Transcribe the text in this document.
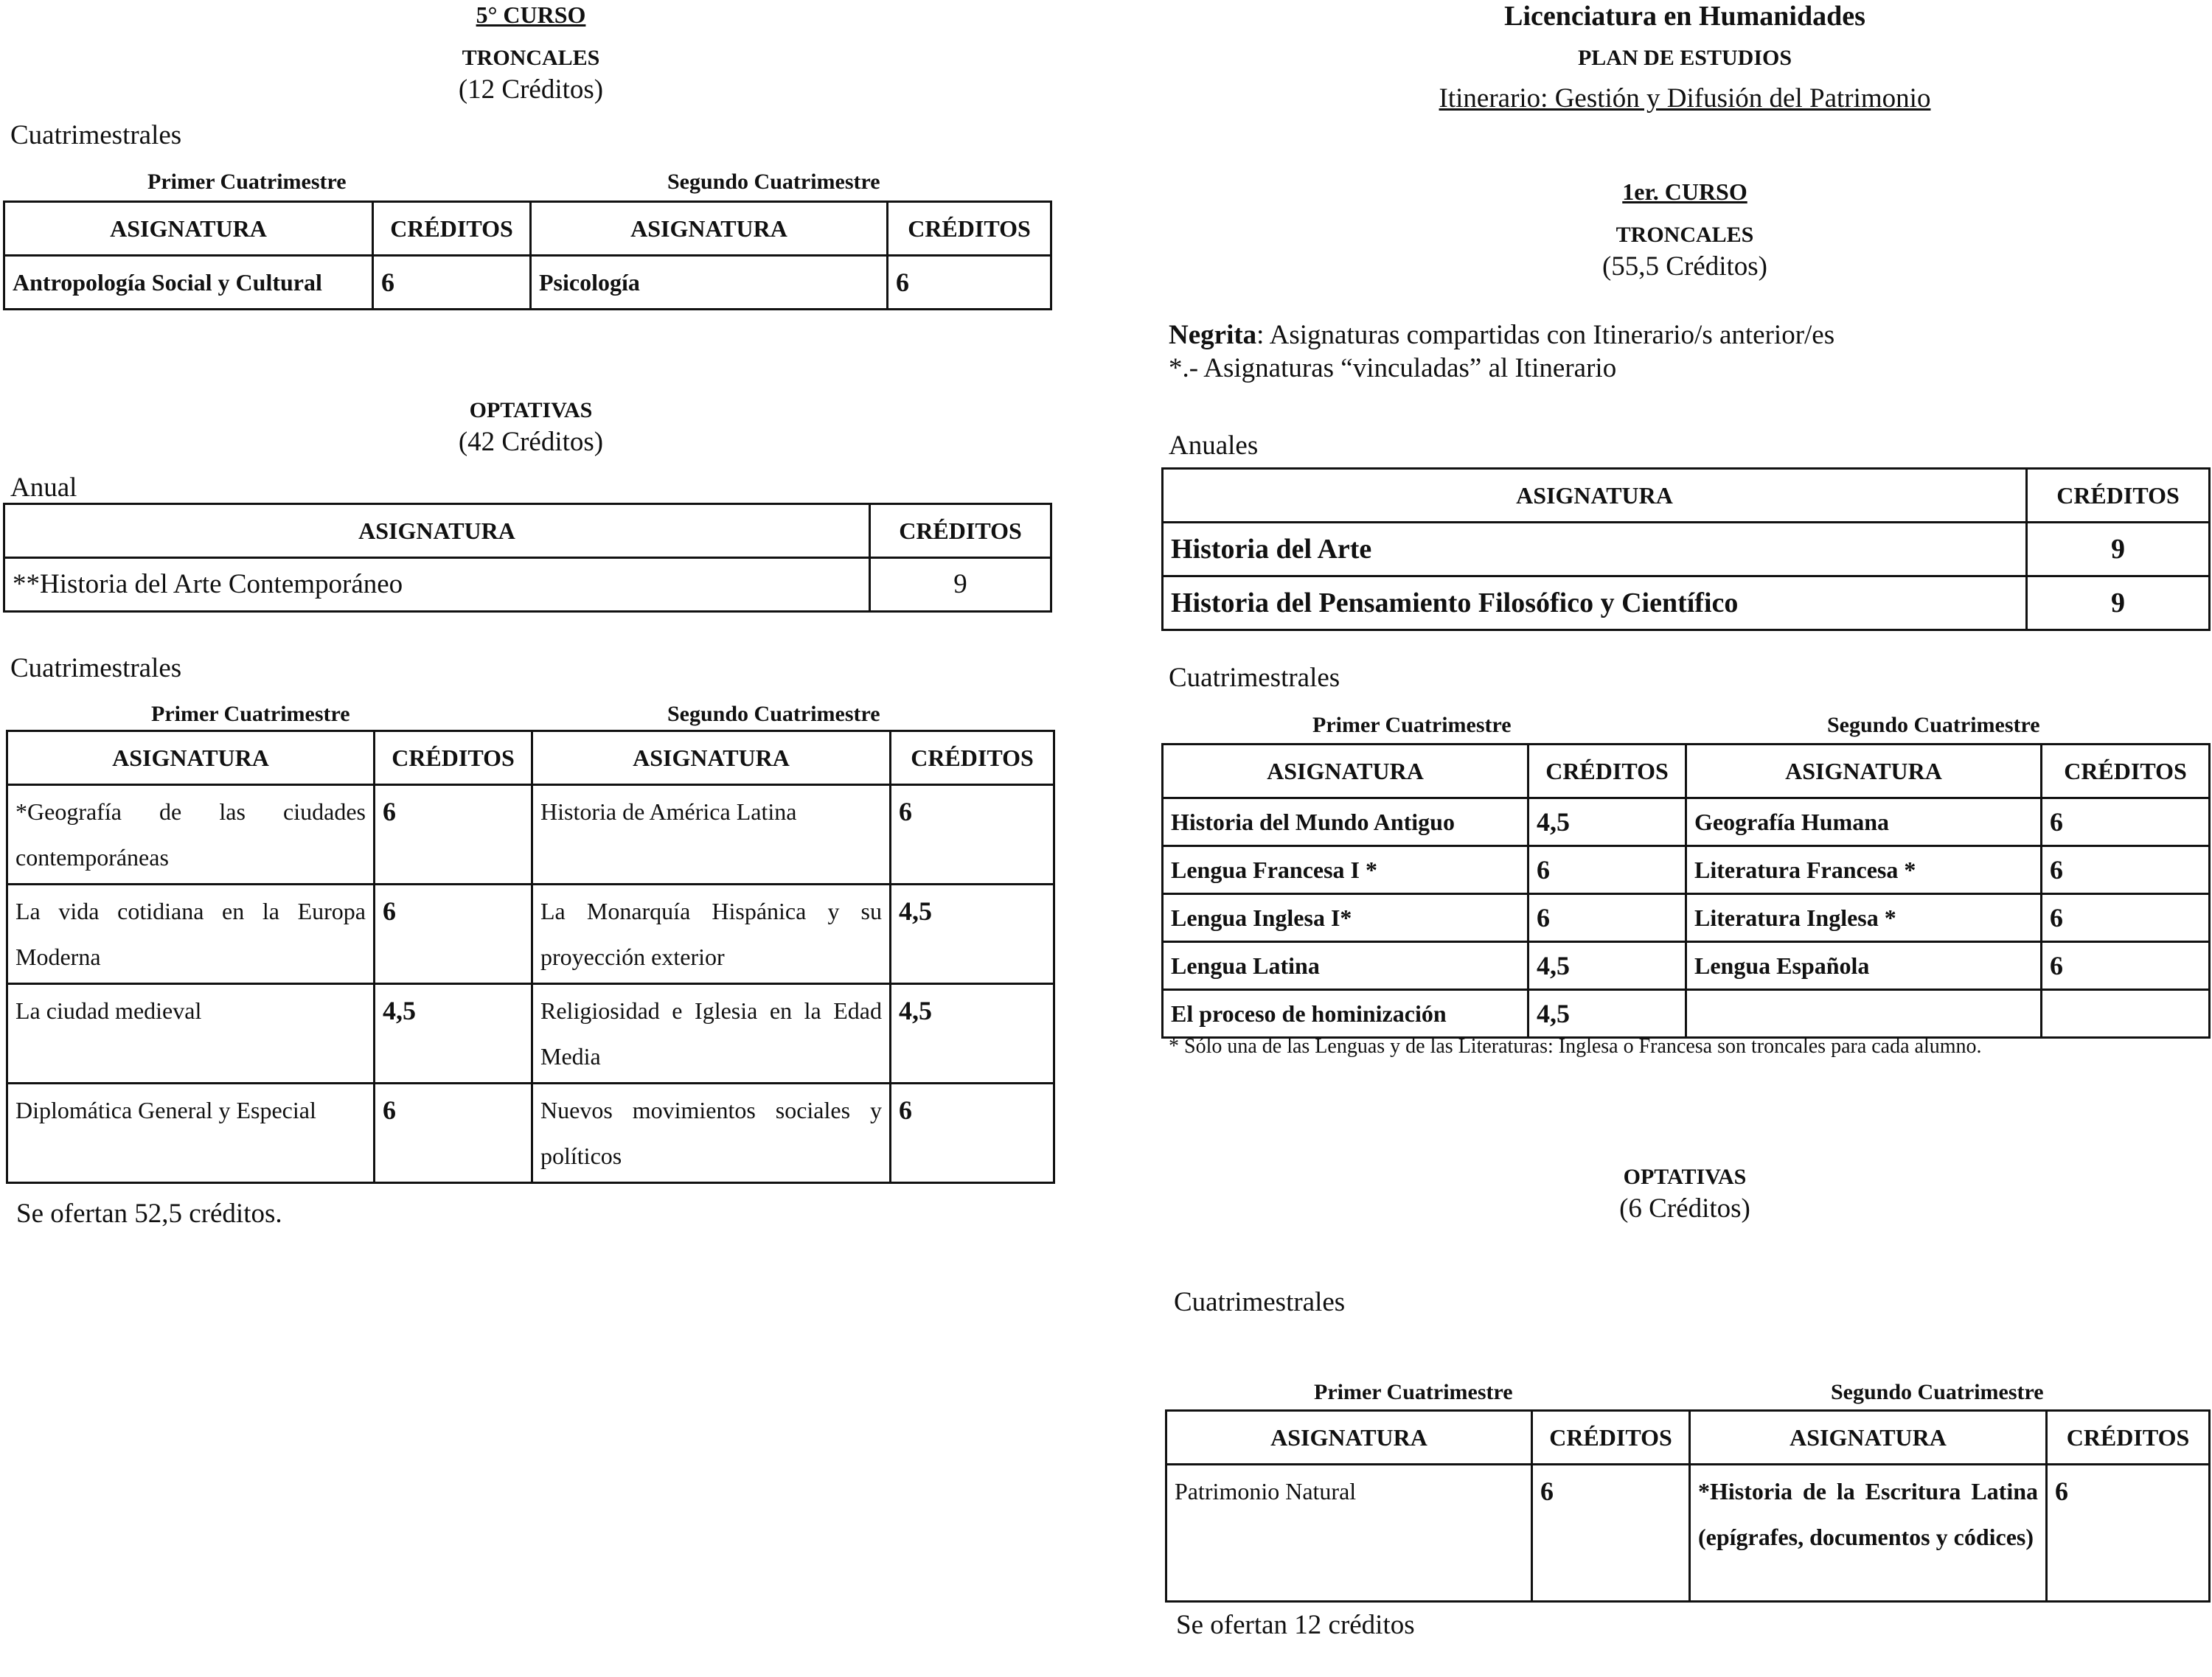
5° CURSO
TRONCALES
(12 Créditos)
Cuatrimestrales
Primer Cuatrimestre	Segundo Cuatrimestre
ASIGNATURA	CRÉDITOS	ASIGNATURA	CRÉDITOS
Antropología Social y Cultural	6	Psicología	6
OPTATIVAS
(42 Créditos)
Anual
ASIGNATURA	CRÉDITOS
**Historia del Arte Contemporáneo	9
Cuatrimestrales
Primer Cuatrimestre	Segundo Cuatrimestre
ASIGNATURA	CRÉDITOS	ASIGNATURA	CRÉDITOS
*Geografía de las ciudades contemporáneas	6	Historia de América Latina	6
La vida cotidiana en la Europa Moderna	6	La Monarquía Hispánica y su proyección exterior	4,5
La ciudad medieval	4,5	Religiosidad e Iglesia en la Edad Media	4,5
Diplomática General y Especial	6	Nuevos movimientos sociales y políticos	6
Se ofertan 52,5 créditos.
Licenciatura en Humanidades
PLAN DE ESTUDIOS
Itinerario: Gestión y Difusión del Patrimonio
1er. CURSO
TRONCALES
(55,5 Créditos)
Negrita: Asignaturas compartidas con Itinerario/s anterior/es
*.- Asignaturas “vinculadas” al Itinerario
Anuales
ASIGNATURA	CRÉDITOS
Historia del Arte	9
Historia del Pensamiento Filosófico y Científico	9
Cuatrimestrales
Primer Cuatrimestre	Segundo Cuatrimestre
ASIGNATURA	CRÉDITOS	ASIGNATURA	CRÉDITOS
Historia del Mundo Antiguo	4,5	Geografía Humana	6
Lengua Francesa I *	6	Literatura Francesa *	6
Lengua Inglesa I*	6	Literatura Inglesa *	6
Lengua Latina	4,5	Lengua Española	6
El proceso de hominización	4,5		
* Sólo una de las Lenguas y de las Literaturas: Inglesa o Francesa son troncales para cada alumno.
OPTATIVAS
(6 Créditos)
Cuatrimestrales
Primer Cuatrimestre	Segundo Cuatrimestre
ASIGNATURA	CRÉDITOS	ASIGNATURA	CRÉDITOS
Patrimonio Natural	6	*Historia de la Escritura Latina (epígrafes, documentos y códices)	6
Se ofertan 12 créditos
